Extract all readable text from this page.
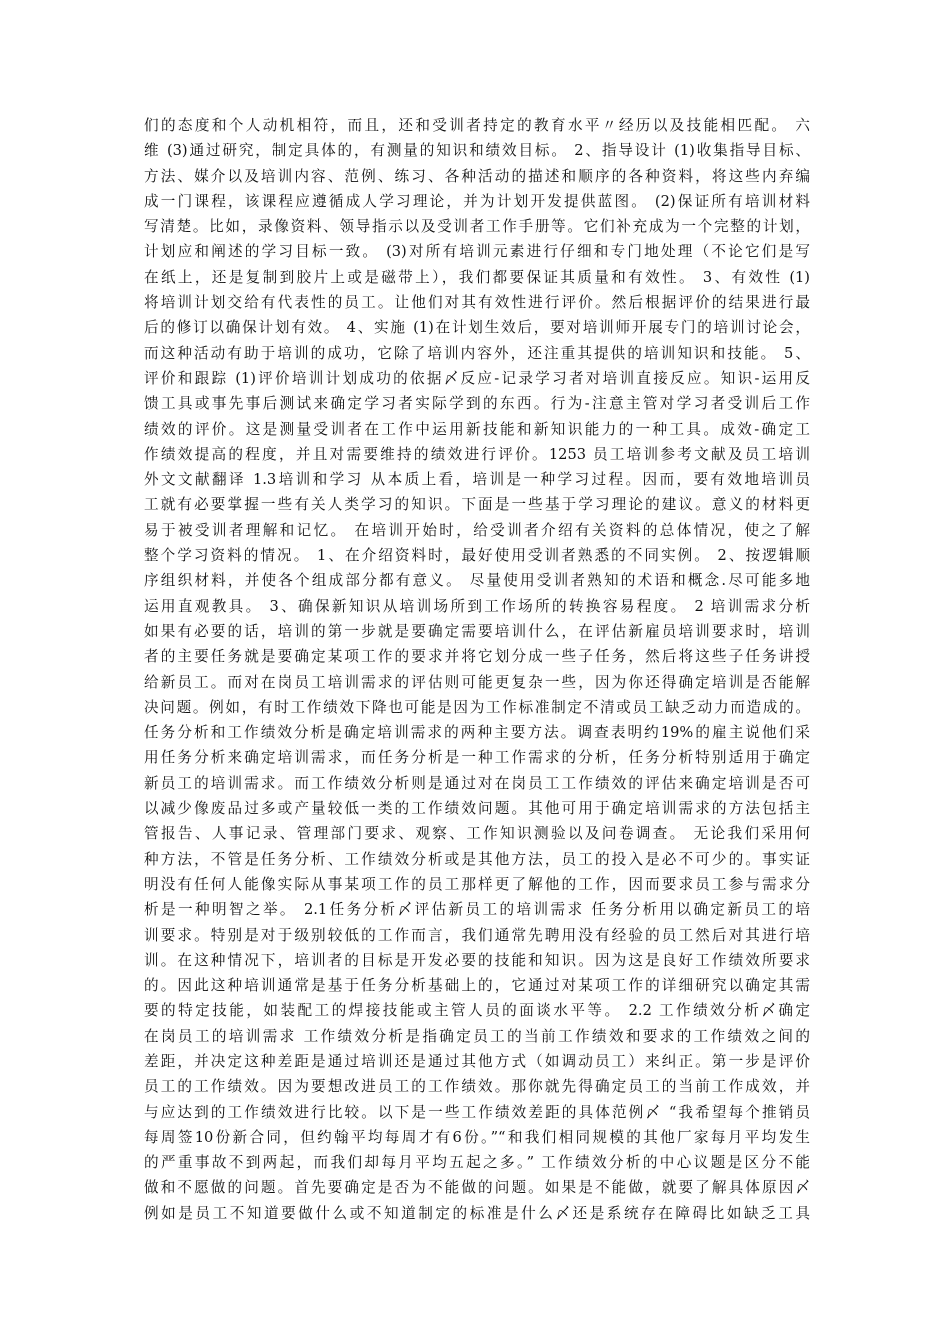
们的态度和个人动机相符，而且，还和受训者持定的教育水平〃经历以及技能相匹配。 六
维 (3)通过研究，制定具体的，有测量的知识和绩效目标。 2、指导设计 (1)收集指导目标、
方法、媒介以及培训内容、范例、练习、各种活动的描述和顺序的各种资料，将这些内弃编
成一门课程，该课程应遵循成人学习理论，并为计划开发提供蓝图。 (2)保证所有培训材料
写清楚。比如，录像资料、领导指示以及受训者工作手册等。它们补充成为一个完整的计划，
计划应和阐述的学习目标一致。 (3)对所有培训元素进行仔细和专门地处理（不论它们是写
在纸上，还是复制到胶片上或是磁带上），我们都要保证其质量和有效性。 3、有效性 (1)
将培训计划交给有代表性的员工。让他们对其有效性进行评价。然后根据评价的结果进行最
后的修订以确保计划有效。 4、实施 (1)在计划生效后，要对培训师开展专门的培训讨论会，
而这种活动有助于培训的成功，它除了培训内容外，还注重其提供的培训知识和技能。 5、
评价和跟踪 (1)评价培训计划成功的依据〆反应-记录学习者对培训直接反应。知识-运用反
馈工具或事先事后测试来确定学习者实际学到的东西。行为-注意主管对学习者受训后工作
绩效的评价。这是测量受训者在工作中运用新技能和新知识能力的一种工具。成效-确定工
作绩效提高的程度，并且对需要维持的绩效进行评价。1253 员工培训参考文献及员工培训
外文文献翻译 1.3培训和学习 从本质上看，培训是一种学习过程。因而，要有效地培训员
工就有必要掌握一些有关人类学习的知识。下面是一些基于学习理论的建议。意义的材料更
易于被受训者理解和记忆。 在培训开始时，给受训者介绍有关资料的总体情况，使之了解
整个学习资料的情况。 1、在介绍资料时，最好使用受训者熟悉的不同实例。 2、按逻辑顺
序组织材料，并使各个组成部分都有意义。 尽量使用受训者熟知的术语和概念.尽可能多地
运用直观教具。 3、确保新知识从培训场所到工作场所的转换容易程度。 2 培训需求分析
如果有必要的话，培训的第一步就是要确定需要培训什么，在评估新雇员培训要求时，培训
者的主要任务就是要确定某项工作的要求并将它划分成一些子任务，然后将这些子任务讲授
给新员工。而对在岗员工培训需求的评估则可能更复杂一些，因为你还得确定培训是否能解
决问题。例如，有时工作绩效下降也可能是因为工作标准制定不清或员工缺乏动力而造成的。
任务分析和工作绩效分析是确定培训需求的两种主要方法。调查表明约19%的雇主说他们采
用任务分析来确定培训需求，而任务分析是一种工作需求的分析，任务分析特别适用于确定
新员工的培训需求。而工作绩效分析则是通过对在岗员工工作绩效的评估来确定培训是否可
以减少像废品过多或产量较低一类的工作绩效问题。其他可用于确定培训需求的方法包括主
管报告、人事记录、管理部门要求、观察、工作知识测验以及问卷调查。 无论我们采用何
种方法，不管是任务分析、工作绩效分析或是其他方法，员工的投入是必不可少的。事实证
明没有任何人能像实际从事某项工作的员工那样更了解他的工作，因而要求员工参与需求分
析是一种明智之举。 2.1任务分析〆评估新员工的培训需求 任务分析用以确定新员工的培
训要求。特别是对于级别较低的工作而言，我们通常先聘用没有经验的员工然后对其进行培
训。在这种情况下，培训者的目标是开发必要的技能和知识。因为这是良好工作绩效所要求
的。因此这种培训通常是基于任务分析基础上的，它通过对某项工作的详细研究以确定其需
要的特定技能，如装配工的焊接技能或主管人员的面谈水平等。 2.2 工作绩效分析〆确定
在岗员工的培训需求 工作绩效分析是指确定员工的当前工作绩效和要求的工作绩效之间的
差距，并决定这种差距是通过培训还是通过其他方式（如调动员工）来纠正。第一步是评价
员工的工作绩效。因为要想改进员工的工作绩效。那你就先得确定员工的当前工作成效，并
与应达到的工作绩效进行比较。以下是一些工作绩效差距的具体范例〆 “我希望每个推销员
每周签10份新合同，但约翰平均每周才有6份。”“和我们相同规模的其他厂家每月平均发生
的严重事故不到两起，而我们却每月平均五起之多。” 工作绩效分析的中心议题是区分不能
做和不愿做的问题。首先要确定是否为不能做的问题。如果是不能做，就要了解具体原因〆
例如是员工不知道要做什么或不知道制定的标准是什么〆还是系统存在障碍比如缺乏工具
